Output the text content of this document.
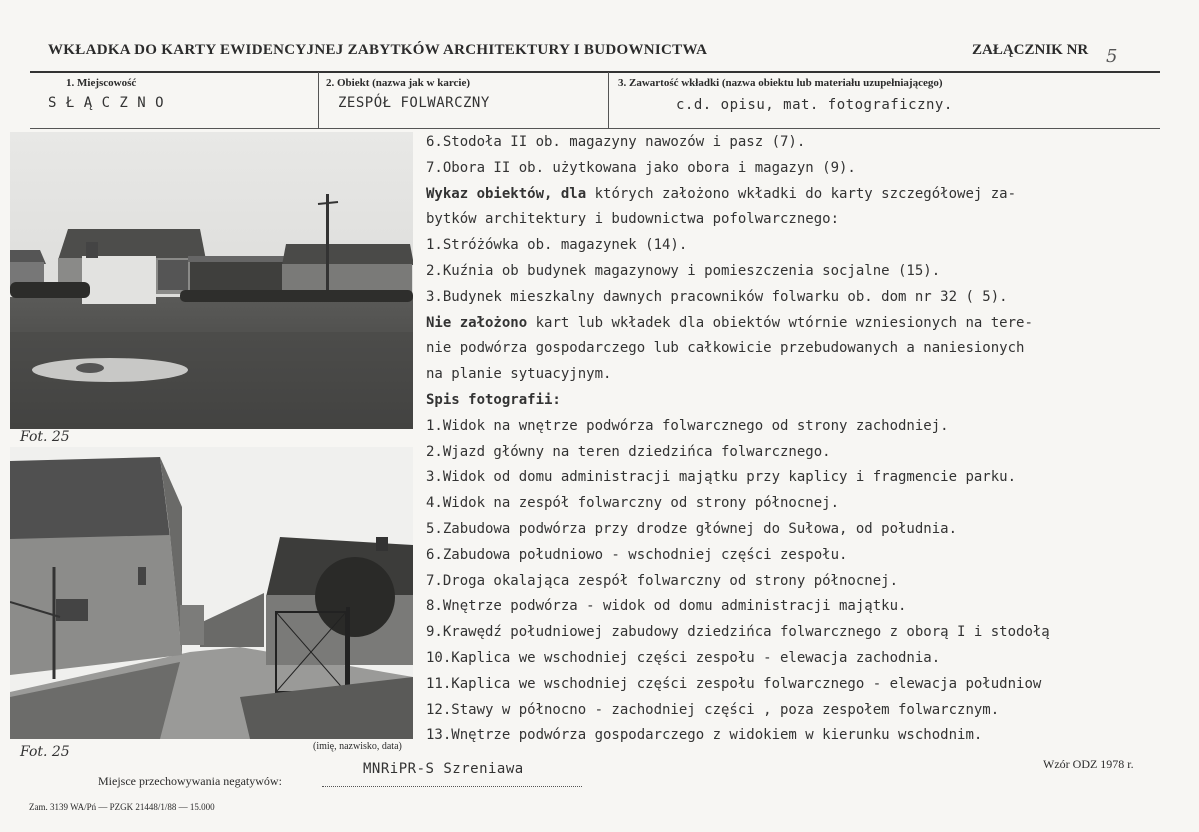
WKŁADKA DO KARTY EWIDENCYJNEJ ZABYTKÓW ARCHITEKTURY I BUDOWNICTWA	ZAŁĄCZNIK NR 5
1. Miejscowość
S Ł Ą C Z N O
2. Obiekt (nazwa jak w karcie)
ZESPÓŁ FOLWARCZNY
3. Zawartość wkładki (nazwa obiektu lub materiału uzupełniającego)
c.d. opisu, mat. fotograficzny.
Fot. 25
Fot. 25
6.Stodoła II ob. magazyny nawozów i pasz (7).
7.Obora II ob. użytkowana jako obora i magazyn (9).
Wykaz obiektów, dla których założono wkładki do karty szczegółowej za-
bytków architektury i budownictwa pofolwarcznego:
1.Stróżówka ob. magazynek (14).
2.Kuźnia ob budynek magazynowy i pomieszczenia socjalne (15).
3.Budynek mieszkalny dawnych pracowników folwarku ob. dom nr 32 ( 5).
Nie założono kart lub wkładek dla obiektów wtórnie wzniesionych na tere-
nie podwórza gospodarczego lub całkowicie przebudowanych a naniesionych
na planie sytuacyjnym.
Spis fotografii:
1.Widok na wnętrze podwórza folwarcznego od strony zachodniej.
2.Wjazd główny na teren dziedzińca folwarcznego.
3.Widok od domu administracji majątku przy kaplicy i fragmencie parku.
4.Widok na zespół folwarczny od strony północnej.
5.Zabudowa podwórza przy drodze głównej do Sułowa, od południa.
6.Zabudowa południowo - wschodniej części zespołu.
7.Droga okalająca zespół folwarczny od strony północnej.
8.Wnętrze podwórza - widok od domu administracji majątku.
9.Krawędź południowej zabudowy dziedzińca folwarcznego z oborą I i stodołą
10.Kaplica we wschodniej części zespołu - elewacja zachodnia.
11.Kaplica we wschodniej części zespołu folwarcznego - elewacja południow
12.Stawy w północno - zachodniej części , poza zespołem folwarcznym.
13.Wnętrze podwórza gospodarczego z widokiem w kierunku wschodnim.
(imię, nazwisko, data)
Miejsce przechowywania negatywów:
MNRiPR-S Szreniawa	Wzór ODZ 1978 r.
Zam. 3139 WA/Pń — PZGK 21448/1/88 — 15.000
